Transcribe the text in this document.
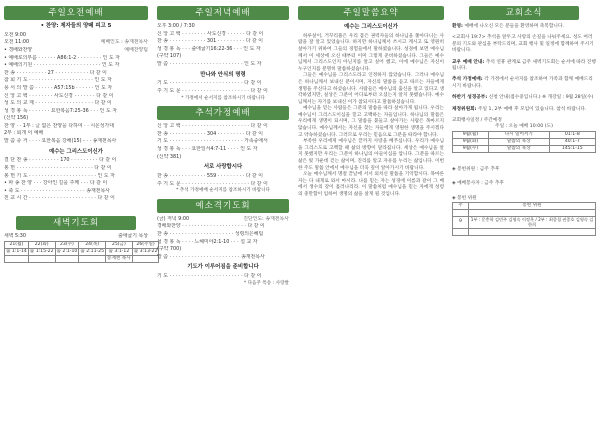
주일오전예배
• 찬양: 제자들의 양떼 피고 5
오전 9:00
오전 11:00	예배인도 : 송재천목사
• 경배와찬양	예배찬양팀
• 예배로의부름 · · · · · · A86:1-2 · · · · · · · · 인 도 자
• 예배의기원 · · · · · · · · · · · · · · · · · · · · · · 인 도 자
찬 송 · · · · · · · · · · 27 · · · · · · · · · · · 다 같 이
참 회 기 도 · · · · · · · · · · · · · · · · · · · · · 인 도 자
용 서 의 말 씀 · · · · · · A57:15b · · · · · · 인 도 자
신 앙 고 백 · · · · · · · · 사도신경 · · · · · · · 다 같 이
성 도 의 교 제 · · · · · · · · · · · · · · · · · · · 다 같 이
성 경 봉 독 · · · · · · · 요한복음7:25-36 · · · 인 도 자
(신약 156)
찬 양 · · 1부 : 글 없은 찬양을 다하여 · · 시온성가대
2부 : 회개 이 예배
말 씀 증 거 · · · · 요한복음 강해(15) - · · 송재천목사
예수는 그리스도이신가
결 단 찬 송 · · · · · · · · · · 170 · · · · · · · · · 다 같 이
봉 헌 · · · · · · · · · · · · · · · · · · · · · · · · · 다 같 이
봉 헌 기 도 · · · · · · · · · · · · · · · · · · · · · · 인 도 자
• 파 송 찬 양 · · · 강아인 길을 주께 · · · 다 같 이
• 축 도 · · · · · · · · · · · · · · · · · · · · · 송재천목사
친 교 시 간 · · · · · · · · · · · · · · · · · · · · · · 다 같 이
새벽기도회
새벽 5:30	출애굽기 목상
21(월)	22(화)	23(수)	24(목)	25(금)	26(주일)
출 1:1-14	출 1:15-22	출 2:1-10	출 2:11-25	출 3:1-12	출 3:13-22
				송재천 목사	
주일저녁예배
오후 3:00 / 7:30
신 앙 고 백 · · · · · · · · 사도신경 · · · · · · 다 같 이
찬 송 · · · · · · · · · · · · 301 · · · · · · · · · 다 같 이
성 경 봉 독 · · · 출애굽기16:22-36 · · · 인 도 자
(구약 107)
말 씀 · · · · · · · · · · · · · · · · · · · · · · · · 인 도 자
만나와 안식의 명령
기 도 · · · · · · · · · · · · · · · · · · · · · · · · 다 같 이
주 기 도 문 · · · · · · · · · · · · · · · · · · · · · · 다 같 이
* 가정에서 순서지를 참조하시기 바랍니다
추석가정예배
신 앙 고 백 · · · · · · · · · · · · · · · · · · · · · · 다 같 이
찬 송 · · · · · · · · · · · · 304 · · · · · · · · · 다 같 이
기 도 · · · · · · · · · · · · · · · · · · · · · · · · 가족중에서
성 경 봉 독 · · · 요한일서4:7-11 · · · · 인 도 자
(신약 381)
서로 사랑합시다
찬 송 · · · · · · · · · · · · 559 · · · · · · · · · 다 같 이
주 기 도 문 · · · · · · · · · · · · · · · · · · · · · · 다 같 이
* 추석 가정예배 순서지를 참조하시기 바랍니다
예소격기도회
(금) 저녁 9:00	진단인도: 송재천목사
경배와찬양 · · · · · · · · · · · · · · · · · · · · · 다 같 이
찬 송 · · · · · · · · · · · · · · · · · · · · · 성령의은혜팀
성 경 봉 독 · · · · 느헤미야2:1-10 · · · 설 교 자
(구약 700)
말 씀 · · · · · · · · · · · · · · · · · · · · · · · 송재천목사
기도가 이루어짐을 준비합니다
기 도 · · · · · · · · · · · · · · · · · · · · · · · · 다 같 이
* 다음주 특송 : 사랑쌀
주일말씀요약
예수는 그리스도이신가

하루살이, 거꾸리풀은 우리 몸은 권력자들의 하나님을 쫓아다니는 사람을 잘 알고 있었습니다. 하지만 하나님께서 쓰시고 계시고 또 영원히 살아가기 위하여 그들의 경험들에서 말하였습니다. 성경에 보면 예수님께서 이 세상에 오신 때부터 이미 그렇게 준비하셨습니다. 그들은 예수님께서 그리스도인지 아닌지를 알고 싶어 했고, 이에 예수님은 자신이 누구인지를 분명히 말씀하셨습니다.

그들은 예수님을 그리스도라고 인정하지 않았습니다. 그러나 예수님은 하나님께서 보내신 분이시며, 자신의 말씀을 듣고 따르는 자들에게 생명을 주신다고 하셨습니다. 사람들은 예수님의 출신을 알고 있다고 생각하였지만, 실상은 그분이 어디로부터 오셨는지 알지 못했습니다. 예수님께서는 자기를 보내신 이가 참되시다고 말씀하셨습니다.

예수님을 믿는 사람들은 그분의 말씀을 따라 살아가게 됩니다. 우리는 예수님이 그리스도이심을 믿고 고백하는 자들입니다. 하나님의 말씀은 우리에게 생명이 되시며, 그 말씀을 붙들고 살아가는 사람은 목마르지 않습니다. 예수님께서는 자신을 찾는 자들에게 영원한 생명을 주시겠다고 약속하셨습니다. 그러므로 우리는 믿음으로 그분을 따라야 합니다.

부족한 우리에게 예수님은 끝까지 사랑을 베푸십니다. 우리가 예수님을 그리스도로 고백할 때 삶의 방향이 달라집니다. 세상은 예수님을 알지 못했지만 우리는 그분이 하나님의 아들이심을 압니다. 그분을 따르는 삶은 빛 가운데 걷는 삶이며, 진리를 알고 자유를 누리는 삶입니다. 이번 한 주도 말씀 안에서 예수님을 더욱 깊이 알아가시기 바랍니다.

오늘 예수님께서 명절 끝날에 서서 외치신 말씀을 기억합시다. 목마른 자는 다 내게로 와서 마시라. 나를 믿는 자는 성경에 이름과 같이 그 배에서 생수의 강이 흘러나리라. 이 말씀처럼 예수님을 믿는 자에게 성령의 충만함이 임하여 생명의 삶을 살게 될 것입니다.

교회소식
환영: 예배에 나오신 모든 분들을 환영하며 축복합니다.
<교회사 19:7> 추석을 앞두고 사랑의 손길을 나눠주세요. 성도 여러분의 기도와 관심을 부탁드리며, 교회 행사 및 일정에 함께하여 주시기 바랍니다.
교우 예배 안내: 추석 연휴 관계로 금주 새벽기도회는 순서에 따라 진행됩니다.
추석 가정예배: 각 가정에서 순서지를 참조하여 가족과 함께 예배드리시기 바랍니다.
하반기 성경공부: 신청 안내(접수중입니다.) ※ 개강일 : 9월 28일(수)
제정위원회: 주일 1, 2부 예배 후 모임이 있습니다. 참석 바랍니다.
교회행사일정 / 주간예정
주일 : 오늘 예배 10:00 (도)
9월(월)	다시 일어서기	01:1-8
9월(화)	말씀의 묵상	40:1-7
9월(수)	말씀의 묵상	145:1-15
◈ 봉헌위원 : 금주 추후
◈ 예배봉사자 : 금주 추후
◈ 봉헌 위원
주	봉헌 위원

9	1부 : 문충학 김민주 김영숙 이정옥 / 2부 : 최종철 권종호 김영숙 김한희
